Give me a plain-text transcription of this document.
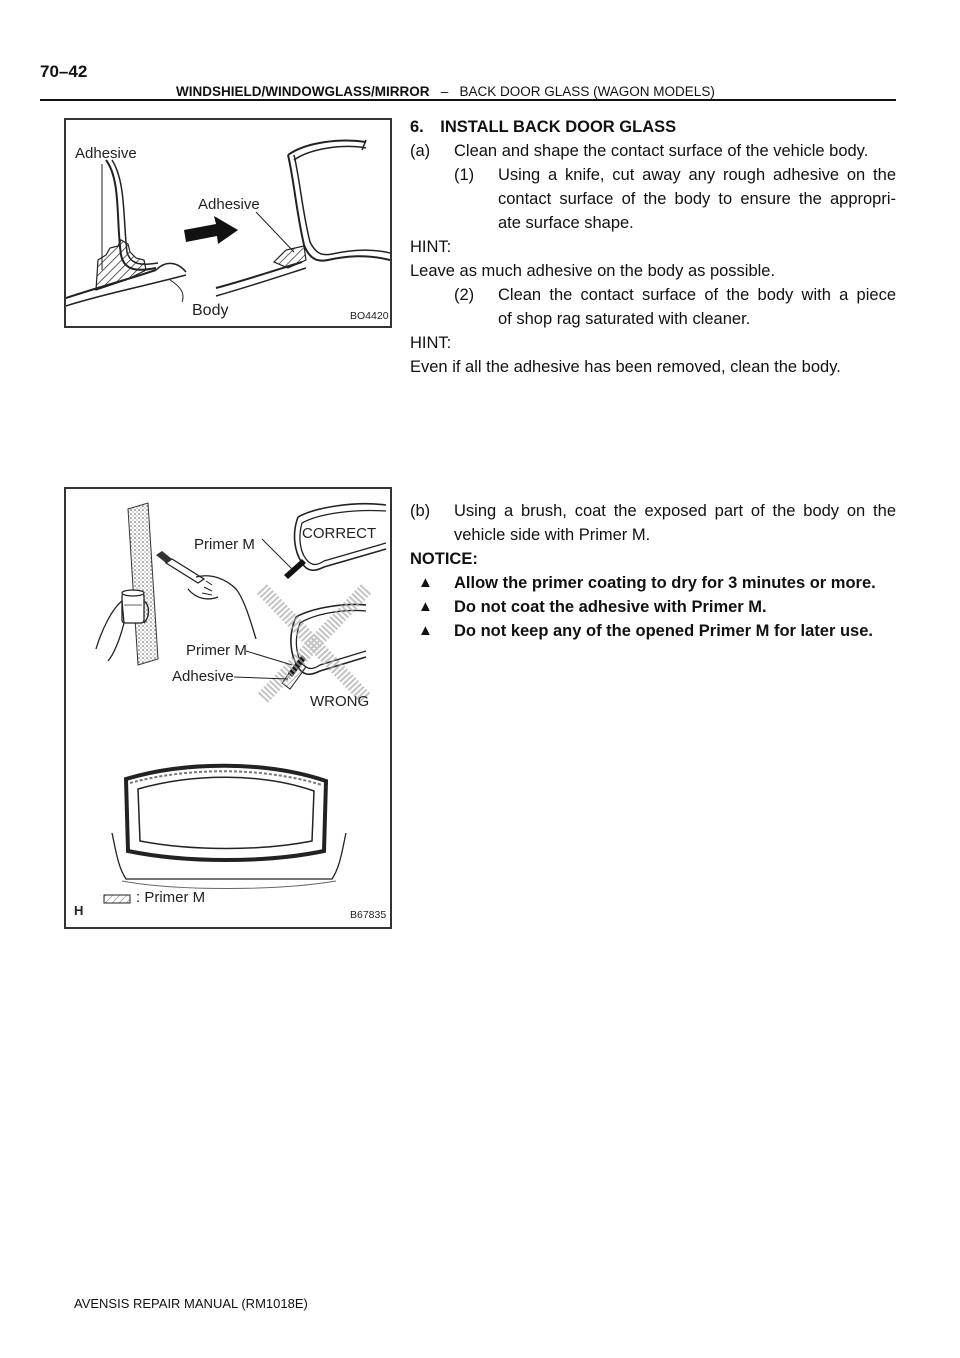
70–42
WINDSHIELD/WINDOWGLASS/MIRROR – BACK DOOR GLASS (WAGON MODELS)
Adhesive
Adhesive
Body	BO4420
Primer M
CORRECT
Primer M
Adhesive
WRONG
: Primer M
H	B67835
6. INSTALL BACK DOOR GLASS
(a) Clean and shape the contact surface of the vehicle body.
(1) Using a knife, cut away any rough adhesive on the
contact surface of the body to ensure the appropri-
ate surface shape.
HINT:
Leave as much adhesive on the body as possible.
(2) Clean the contact surface of the body with a piece
of shop rag saturated with cleaner.
HINT:
Even if all the adhesive has been removed, clean the body.
(b) Using a brush, coat the exposed part of the body on the
vehicle side with Primer M.
NOTICE:
▲ Allow the primer coating to dry for 3 minutes or more.
▲ Do not coat the adhesive with Primer M.
▲ Do not keep any of the opened Primer M for later use.
AVENSIS REPAIR MANUAL (RM1018E)
